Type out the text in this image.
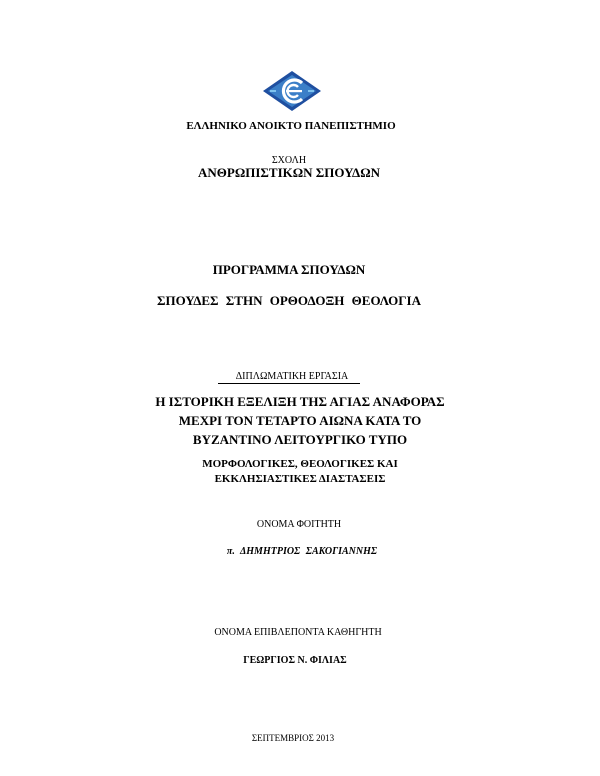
ΕΛΛΗΝΙΚΟ ΑΝΟΙΚΤΟ ΠΑΝΕΠΙΣΤΗΜΙΟ
ΣΧΟΛΗ
ΑΝΘΡΩΠΙΣΤΙΚΩΝ ΣΠΟΥΔΩΝ
ΠΡΟΓΡΑΜΜΑ ΣΠΟΥΔΩΝ
ΣΠΟΥΔΕΣ ΣΤΗΝ ΟΡΘΟΔΟΞΗ ΘΕΟΛΟΓΙΑ
ΔΙΠΛΩΜΑΤΙΚΗ ΕΡΓΑΣΙΑ
Η ΙΣΤΟΡΙΚΗ ΕΞΕΛΙΞΗ ΤΗΣ ΑΓΙΑΣ ΑΝΑΦΟΡΑΣ
ΜΕΧΡΙ ΤΟΝ ΤΕΤΑΡΤΟ ΑΙΩΝΑ ΚΑΤΑ ΤΟ
ΒΥΖΑΝΤΙΝΟ ΛΕΙΤΟΥΡΓΙΚΟ ΤΥΠΟ
ΜΟΡΦΟΛΟΓΙΚΕΣ, ΘΕΟΛΟΓΙΚΕΣ ΚΑΙ
ΕΚΚΛΗΣΙΑΣΤΙΚΕΣ ΔΙΑΣΤΑΣΕΙΣ
ΟΝΟΜΑ ΦΟΙΤΗΤΗ
π. ΔΗΜΗΤΡΙΟΣ ΣΑΚΟΓΙΑΝΝΗΣ
ΟΝΟΜΑ ΕΠΙΒΛΕΠΟΝΤΑ ΚΑΘΗΓΗΤΗ
ΓΕΩΡΓΙΟΣ Ν. ΦΙΛΙΑΣ
ΣΕΠΤΕΜΒΡΙΟΣ 2013
